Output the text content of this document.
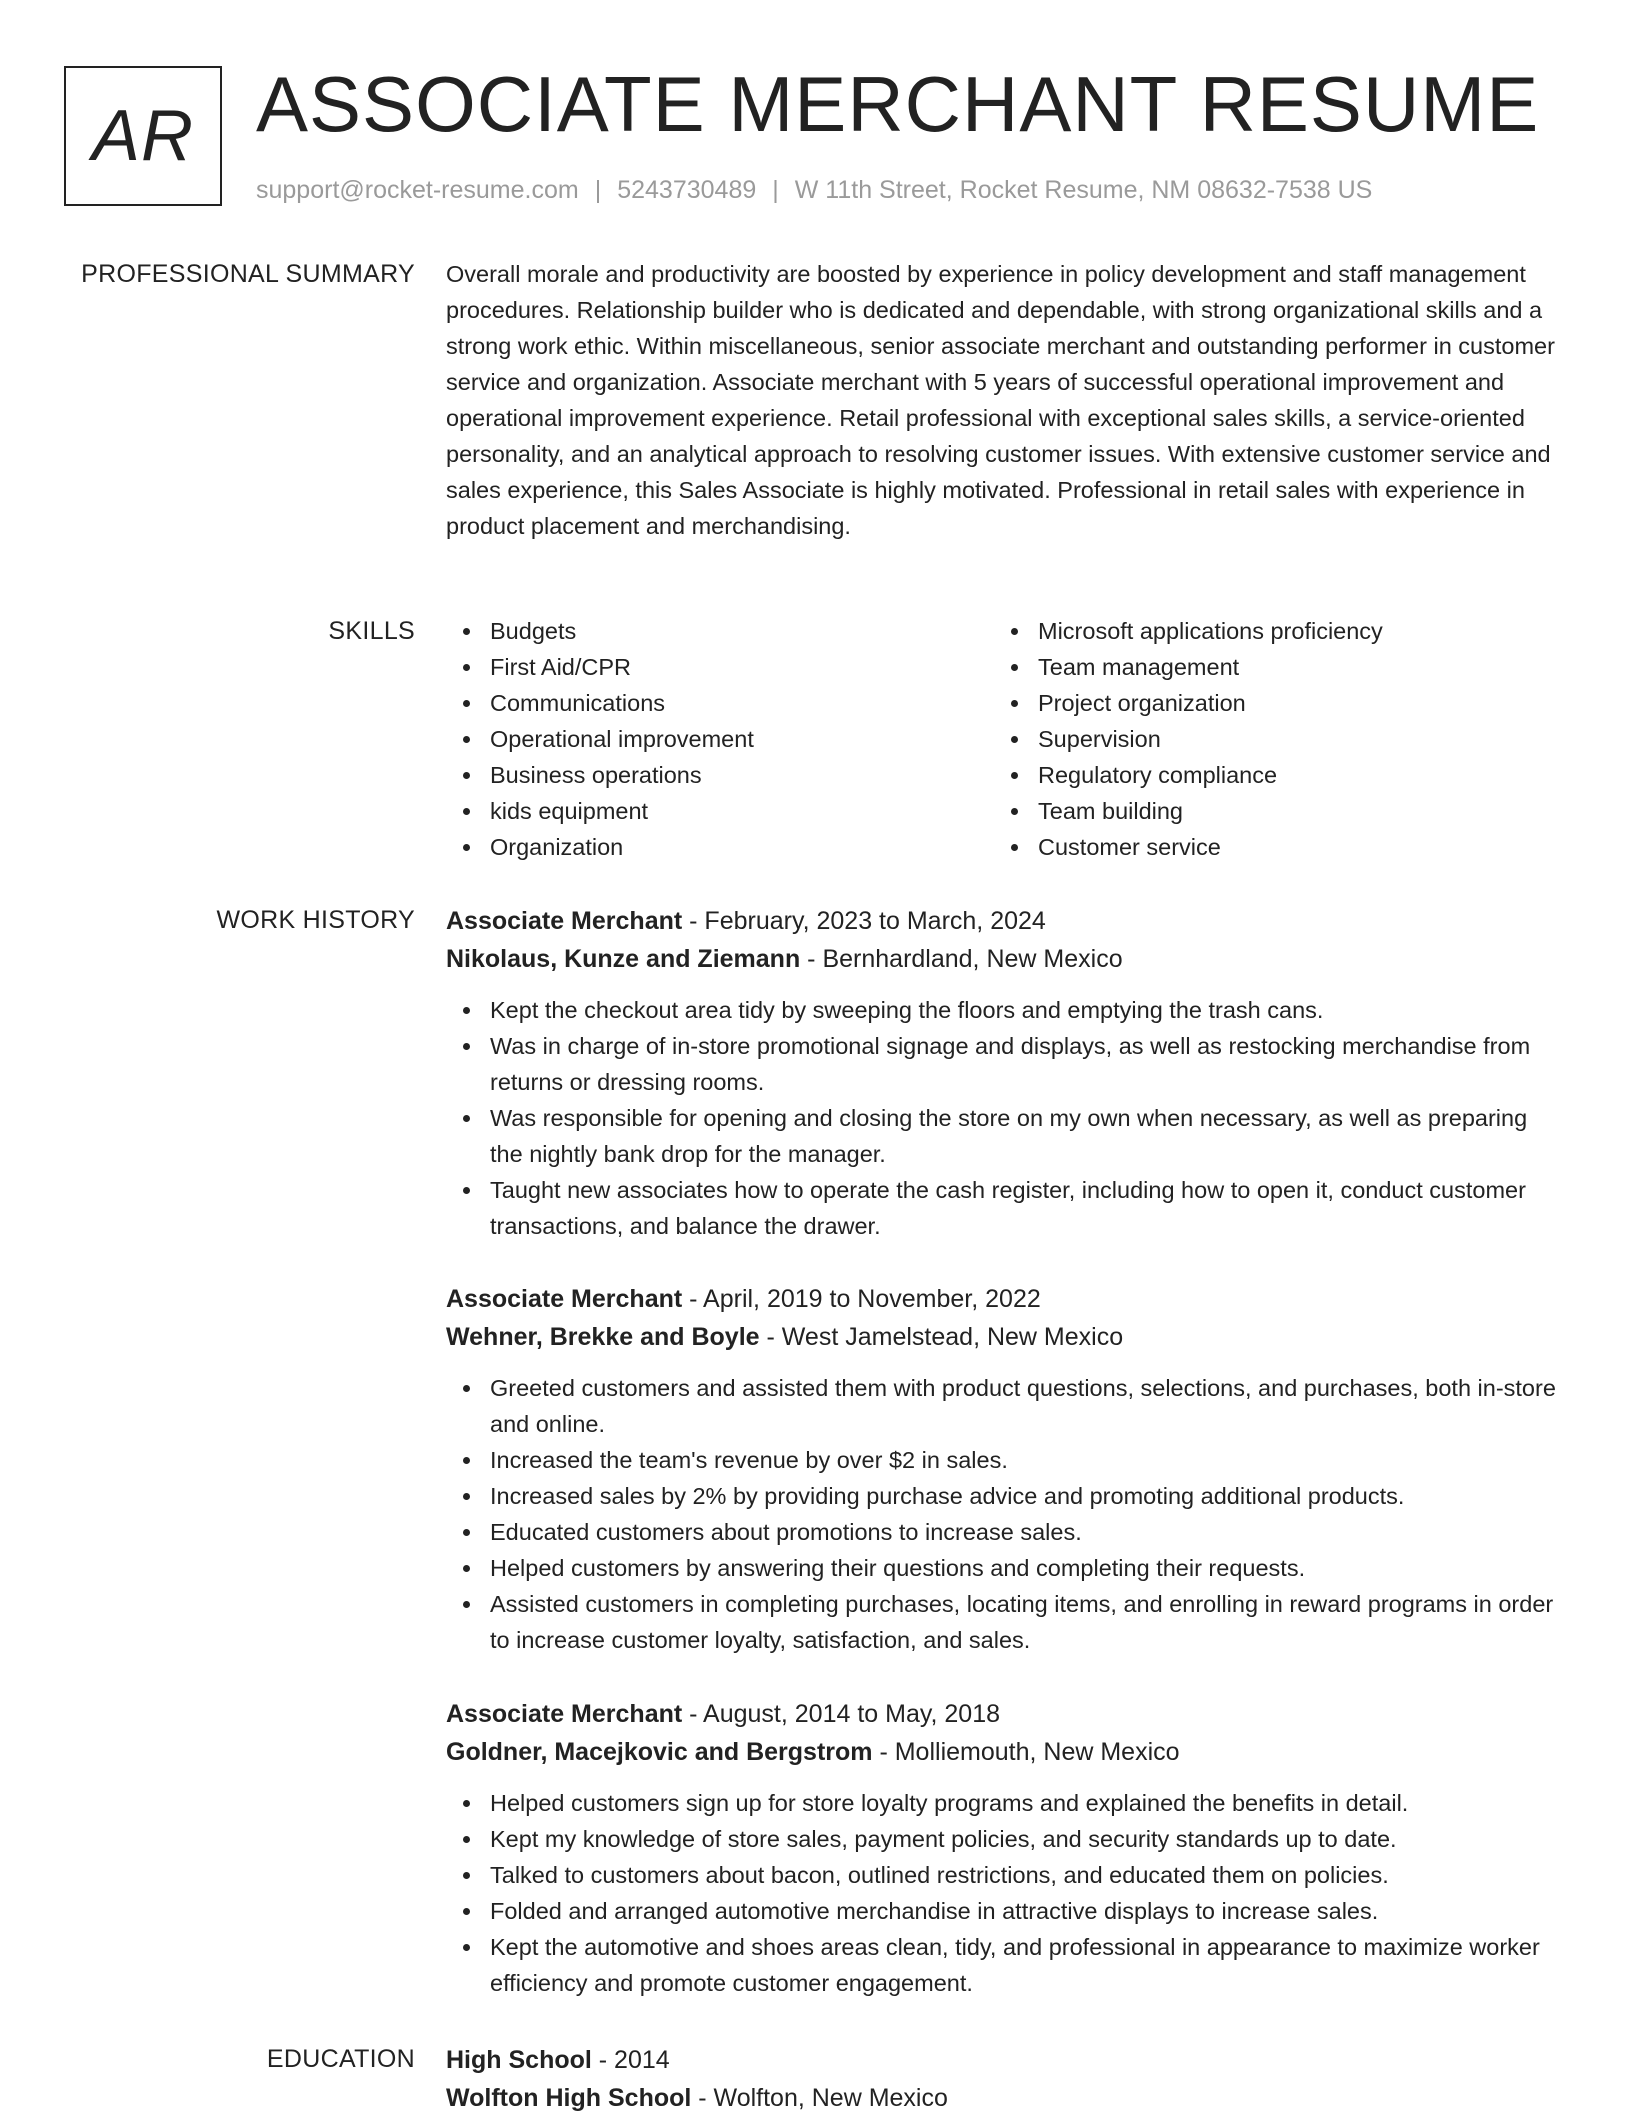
AR ASSOCIATE MERCHANT RESUME
support@rocket-resume.com | 5243730489 | W 11th Street, Rocket Resume, NM 08632-7538 US
PROFESSIONAL SUMMARY Overall morale and productivity are boosted by experience in policy development and staff management procedures. Relationship builder who is dedicated and dependable, with strong organizational skills and a strong work ethic. Within miscellaneous, senior associate merchant and outstanding performer in customer service and organization. Associate merchant with 5 years of successful operational improvement and operational improvement experience. Retail professional with exceptional sales skills, a service-oriented personality, and an analytical approach to resolving customer issues. With extensive customer service and sales experience, this Sales Associate is highly motivated. Professional in retail sales with experience in product placement and merchandising.

SKILLS	Budgets
First Aid/CPR
Communications
Operational improvement
Business operations
kids equipment
Organization
Microsoft applications proficiency
Team management
Project organization
Supervision
Regulatory compliance
Team building
Customer service
WORK HISTORY Associate Merchant - February, 2023 to March, 2024
Nikolaus, Kunze and Ziemann - Bernhardland, New Mexico
Kept the checkout area tidy by sweeping the floors and emptying the trash cans.
Was in charge of in-store promotional signage and displays, as well as restocking merchandise from returns or dressing rooms.
Was responsible for opening and closing the store on my own when necessary, as well as preparing the nightly bank drop for the manager.
Taught new associates how to operate the cash register, including how to open it, conduct customer transactions, and balance the drawer.
Associate Merchant - April, 2019 to November, 2022
Wehner, Brekke and Boyle - West Jamelstead, New Mexico
Greeted customers and assisted them with product questions, selections, and purchases, both in-store and online.
Increased the team's revenue by over $2 in sales.
Increased sales by 2% by providing purchase advice and promoting additional products.
Educated customers about promotions to increase sales.
Helped customers by answering their questions and completing their requests.
Assisted customers in completing purchases, locating items, and enrolling in reward programs in order to increase customer loyalty, satisfaction, and sales.
Associate Merchant - August, 2014 to May, 2018
Goldner, Macejkovic and Bergstrom - Molliemouth, New Mexico
Helped customers sign up for store loyalty programs and explained the benefits in detail.
Kept my knowledge of store sales, payment policies, and security standards up to date.
Talked to customers about bacon, outlined restrictions, and educated them on policies.
Folded and arranged automotive merchandise in attractive displays to increase sales.
Kept the automotive and shoes areas clean, tidy, and professional in appearance to maximize worker efficiency and promote customer engagement.
EDUCATION High School - 2014
Wolfton High School - Wolfton, New Mexico
